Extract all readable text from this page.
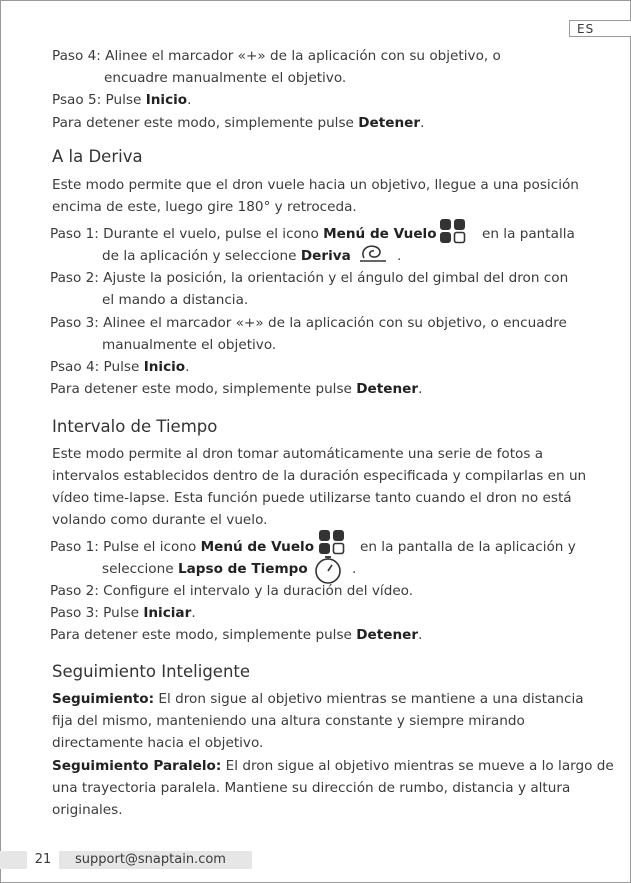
ES
Paso 4: Alinee el marcador «+» de la aplicación con su objetivo, o
encuadre manualmente el objetivo.
Psao 5: Pulse Inicio.
Para detener este modo, simplemente pulse Detener.
A la Deriva
Este modo permite que el dron vuele hacia un objetivo, llegue a una posición
encima de este, luego gire 180° y retroceda.
Paso 1: Durante el vuelo, pulse el icono Menú de Vuelo	en la pantalla
de la aplicación y seleccione Deriva	.
Paso 2: Ajuste la posición, la orientación y el ángulo del gimbal del dron con
el mando a distancia.
Paso 3: Alinee el marcador «+» de la aplicación con su objetivo, o encuadre
manualmente el objetivo.
Psao 4: Pulse Inicio.
Para detener este modo, simplemente pulse Detener.
Intervalo de Tiempo
Este modo permite al dron tomar automáticamente una serie de fotos a
intervalos establecidos dentro de la duración especificada y compilarlas en un
vídeo time-lapse. Esta función puede utilizarse tanto cuando el dron no está
volando como durante el vuelo.
Paso 1: Pulse el icono Menú de Vuelo	en la pantalla de la aplicación y
seleccione Lapso de Tiempo	.
Paso 2: Configure el intervalo y la duración del vídeo.
Paso 3: Pulse Iniciar.
Para detener este modo, simplemente pulse Detener.
Seguimiento Inteligente
Seguimiento: El dron sigue al objetivo mientras se mantiene a una distancia
fija del mismo, manteniendo una altura constante y siempre mirando
directamente hacia el objetivo.
Seguimiento Paralelo: El dron sigue al objetivo mientras se mueve a lo largo de
una trayectoria paralela. Mantiene su dirección de rumbo, distancia y altura
originales.
21	support@snaptain.com
